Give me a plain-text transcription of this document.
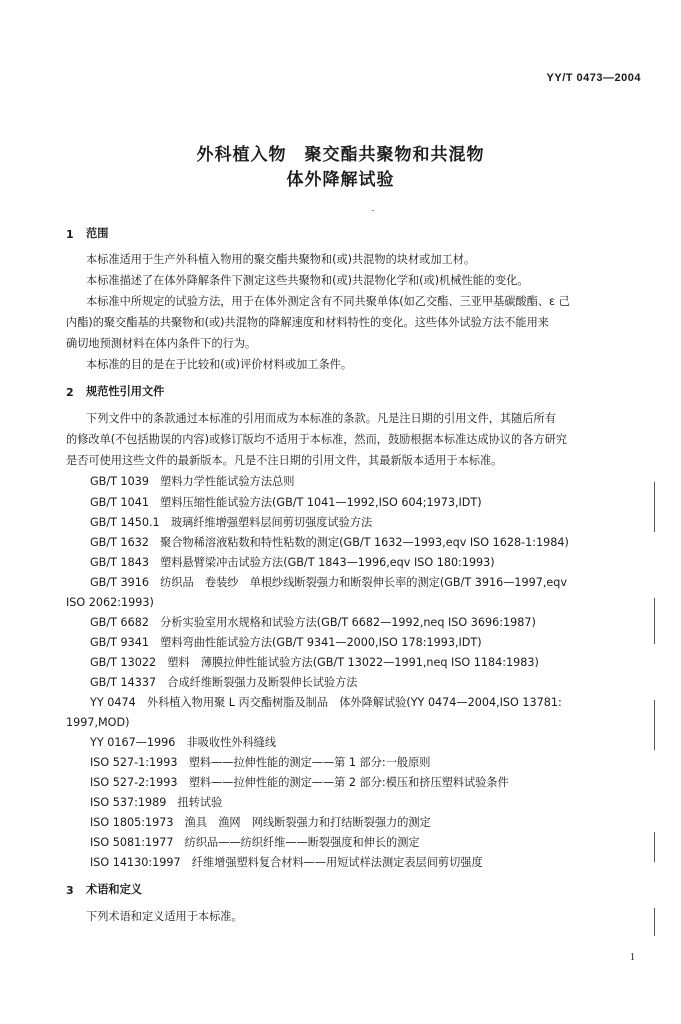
YY/T 0473—2004
外科植入物　聚交酯共聚物和共混物
体外降解试验
1 范围
本标准适用于生产外科植入物用的聚交酯共聚物和(或)共混物的块材或加工材。
本标准描述了在体外降解条件下测定这些共聚物和(或)共混物化学和(或)机械性能的变化。
本标准中所规定的试验方法，用于在体外测定含有不同共聚单体(如乙交酯、三亚甲基碳酸酯、ε 己
内酯)的聚交酯基的共聚物和(或)共混物的降解速度和材料特性的变化。这些体外试验方法不能用来
确切地预测材料在体内条件下的行为。
本标准的目的是在于比较和(或)评价材料或加工条件。
2 规范性引用文件
下列文件中的条款通过本标准的引用而成为本标准的条款。凡是注日期的引用文件，其随后所有
的修改单(不包括勘误的内容)或修订版均不适用于本标准，然而，鼓励根据本标准达成协议的各方研究
是否可使用这些文件的最新版本。凡是不注日期的引用文件，其最新版本适用于本标准。
GB/T 1039　塑料力学性能试验方法总则
GB/T 1041　塑料压缩性能试验方法(GB/T 1041—1992,ISO 604;1973,IDT)
GB/T 1450.1　玻璃纤维增强塑料层间剪切强度试验方法
GB/T 1632　聚合物稀溶液粘数和特性粘数的测定(GB/T 1632—1993,eqv ISO 1628-1:1984)
GB/T 1843　塑料悬臂梁冲击试验方法(GB/T 1843—1996,eqv ISO 180:1993)
GB/T 3916　纺织品　卷装纱　单根纱线断裂强力和断裂伸长率的测定(GB/T 3916—1997,eqv
ISO 2062:1993)
GB/T 6682　分析实验室用水规格和试验方法(GB/T 6682—1992,neq ISO 3696:1987)
GB/T 9341　塑料弯曲性能试验方法(GB/T 9341—2000,ISO 178:1993,IDT)
GB/T 13022　塑料　薄膜拉伸性能试验方法(GB/T 13022—1991,neq ISO 1184:1983)
GB/T 14337　合成纤维断裂强力及断裂伸长试验方法
YY 0474　外科植入物用聚 L 丙交酯树脂及制品　体外降解试验(YY 0474—2004,ISO 13781:
1997,MOD)
YY 0167—1996　非吸收性外科缝线
ISO 527-1:1993　塑料——拉伸性能的测定——第 1 部分:一般原则
ISO 527-2:1993　塑料——拉伸性能的测定——第 2 部分:模压和挤压塑料试验条件
ISO 537:1989　扭转试验
ISO 1805:1973　渔具　渔网　网线断裂强力和打结断裂强力的测定
ISO 5081:1977　纺织品——纺织纤维——断裂强度和伸长的测定
ISO 14130:1997　纤维增强塑料复合材料——用短试样法测定表层间剪切强度
3 术语和定义
下列术语和定义适用于本标准。
1
